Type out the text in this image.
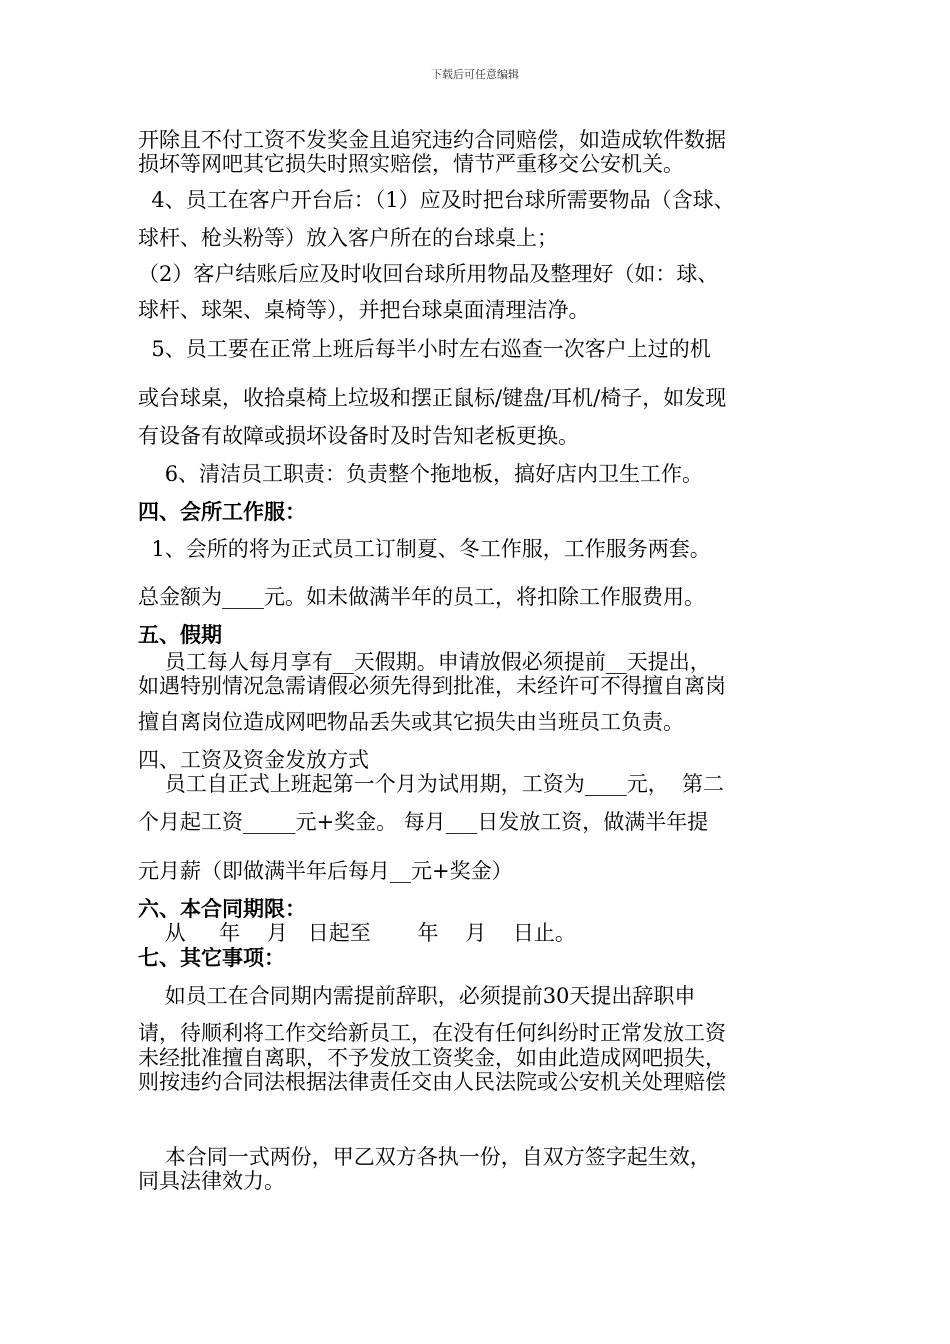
下载后可任意编辑
开除且不付工资不发奖金且追究违约合同赔偿，如造成软件数据
损坏等网吧其它损失时照实赔偿，情节严重移交公安机关。
4、员工在客户开台后：（1）应及时把台球所需要物品（含球、
球杆、枪头粉等）放入客户所在的台球桌上；
（2）客户结账后应及时收回台球所用物品及整理好（如：球、
球杆、球架、桌椅等），并把台球桌面清理洁净。
5、员工要在正常上班后每半小时左右巡查一次客户上过的机
或台球桌，收拾桌椅上垃圾和摆正鼠标/键盘/耳机/椅子，如发现
有设备有故障或损坏设备时及时告知老板更换。
6、清洁员工职责：负责整个拖地板，搞好店内卫生工作。
四、会所工作服：
1、会所的将为正式员工订制夏、冬工作服，工作服务两套。
总金额为____元。如未做满半年的员工，将扣除工作服费用。
五、假期
员工每人每月享有__天假期。申请放假必须提前__天提出，
如遇特别情况急需请假必须先得到批准，未经许可不得擅自离岗
擅自离岗位造成网吧物品丢失或其它损失由当班员工负责。
四、工资及资金发放方式
员工自正式上班起第一个月为试用期，工资为____元，  第二
个月起工资_____元+奖金。 每月___日发放工资，做满半年提
元月薪（即做满半年后每月__元+奖金）
六、本合同期限：
从     年    月   日起至       年    月    日止。
七、其它事项：
如员工在合同期内需提前辞职，必须提前30天提出辞职申
请，待顺利将工作交给新员工，在没有任何纠纷时正常发放工资
未经批准擅自离职，不予发放工资奖金，如由此造成网吧损失，
则按违约合同法根据法律责任交由人民法院或公安机关处理赔偿
本合同一式两份，甲乙双方各执一份，自双方签字起生效，
同具法律效力。
